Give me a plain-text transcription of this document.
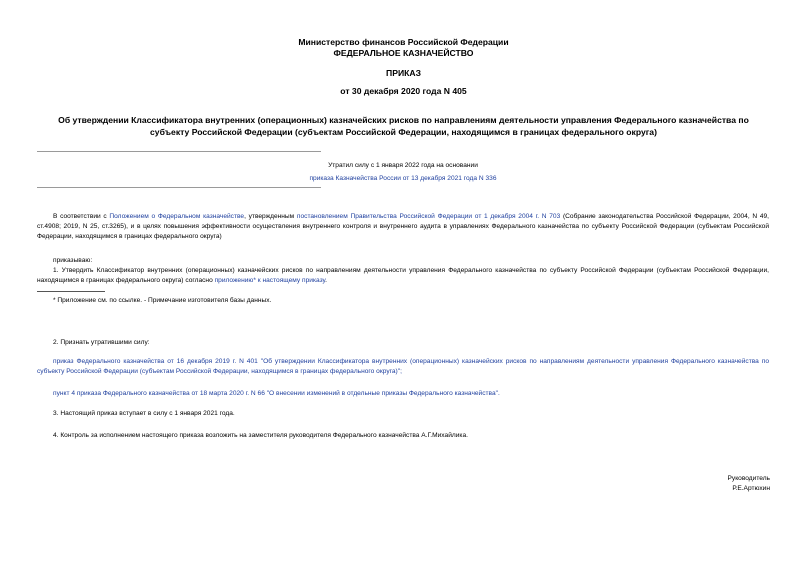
Министерство финансов Российской Федерации
ФЕДЕРАЛЬНОЕ КАЗНАЧЕЙСТВО
ПРИКАЗ
от 30 декабря 2020 года N 405
Об утверждении Классификатора внутренних (операционных) казначейских рисков по направлениям деятельности управления Федерального казначейства по
субъекту Российской Федерации (субъектам Российской Федерации, находящимся в границах федерального округа)
Утратил силу с 1 января 2022 года на основании
приказа Казначейства России от 13 декабря 2021 года N 336
В соответствии с Положением о Федеральном казначействе, утвержденным постановлением Правительства Российской Федерации от 1 декабря 2004 г. N 703 (Собрание законодательства Российской Федерации, 2004, N 49, ст.4908; 2019, N 25, ст.3265), и в целях повышения эффективности осуществления внутреннего контроля и внутреннего аудита в управлениях Федерального казначейства по субъекту Российской Федерации (субъектам Российской Федерации, находящимся в границах федерального округа)
приказываю:
1. Утвердить Классификатор внутренних (операционных) казначейских рисков по направлениям деятельности управления Федерального казначейства по субъекту Российской Федерации (субъектам Российской Федерации, находящимся в границах федерального округа) согласно приложению* к настоящему приказу.
* Приложение см. по ссылке. - Примечание изготовителя базы данных.
2. Признать утратившими силу:
приказ Федерального казначейства от 16 декабря 2019 г. N 401 "Об утверждении Классификатора внутренних (операционных) казначейских рисков по направлениям деятельности управления Федерального казначейства по субъекту Российской Федерации (субъектам Российской Федерации, находящимся в границах федерального округа)";
пункт 4 приказа Федерального казначейства от 18 марта 2020 г. N 66 "О внесении изменений в отдельные приказы Федерального казначейства".
3. Настоящий приказ вступает в силу с 1 января 2021 года.
4. Контроль за исполнением настоящего приказа возложить на заместителя руководителя Федерального казначейства А.Г.Михайлика.
Руководитель
Р.Е.Артюхин
